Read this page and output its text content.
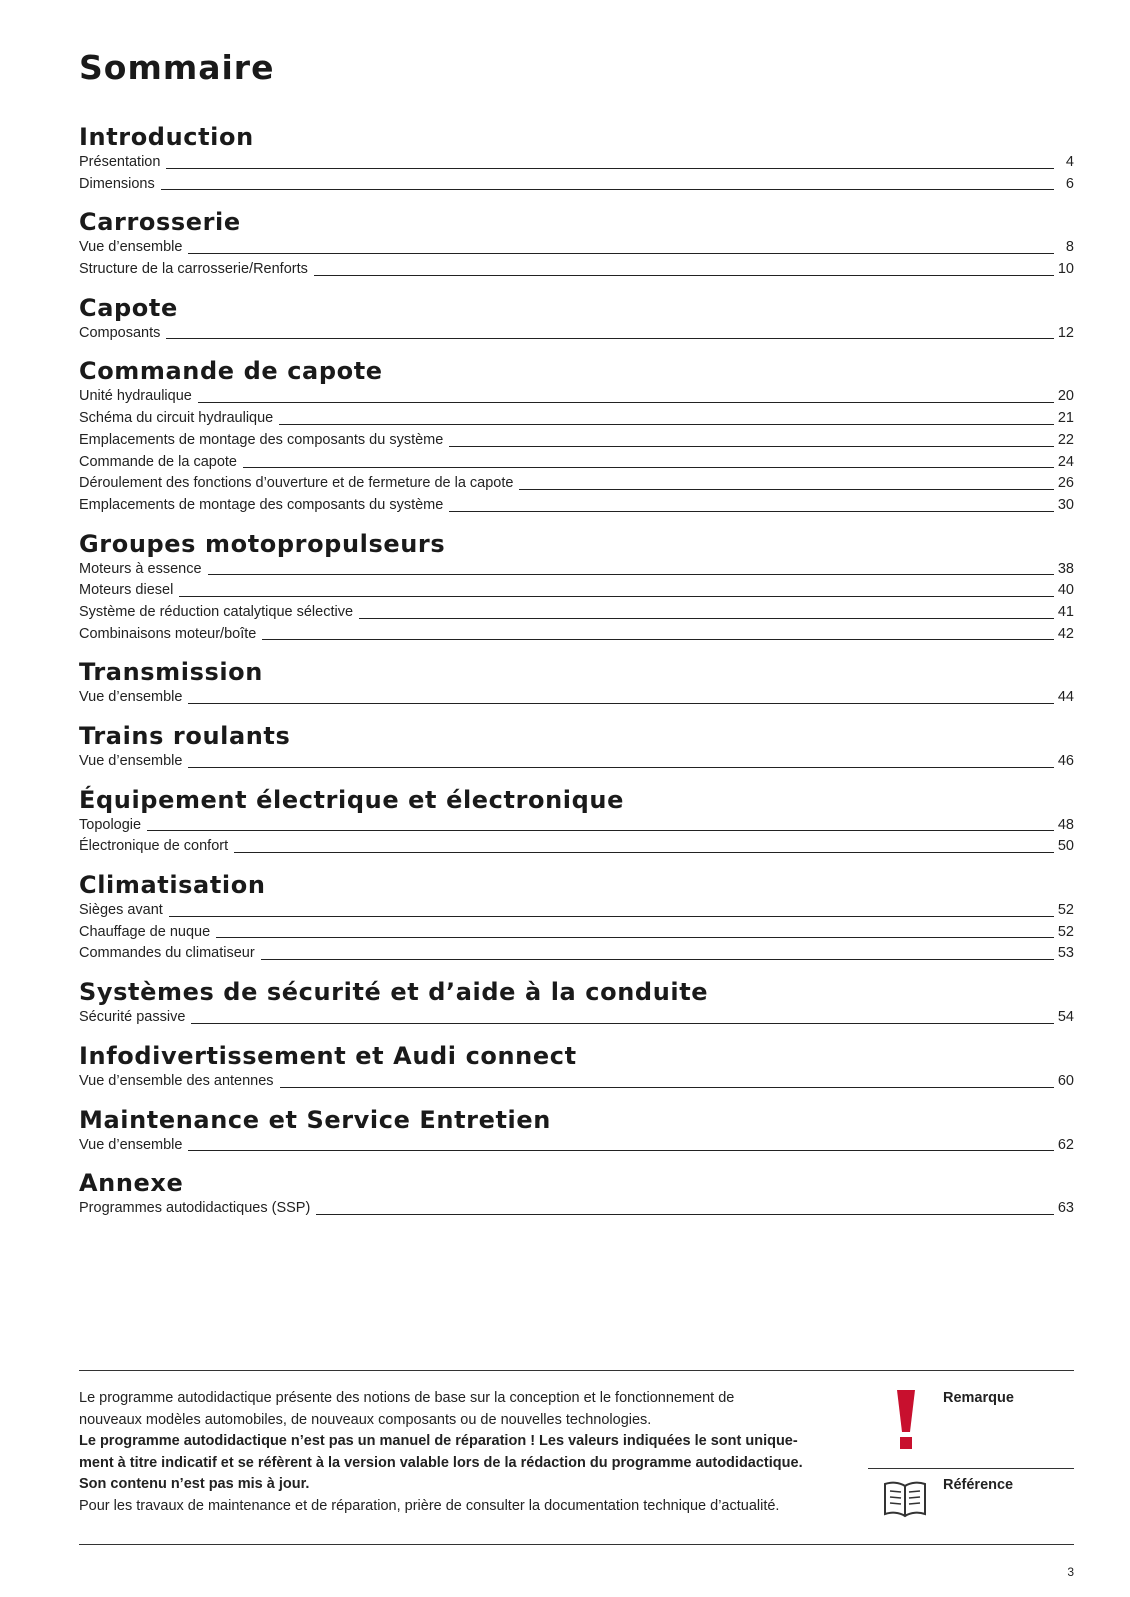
Sommaire
Introduction
Présentation	4
Dimensions	6
Carrosserie
Vue d’ensemble	8
Structure de la carrosserie/Renforts	10
Capote
Composants	12
Commande de capote
Unité hydraulique	20
Schéma du circuit hydraulique	21
Emplacements de montage des composants du système	22
Commande de la capote	24
Déroulement des fonctions d’ouverture et de fermeture de la capote	26
Emplacements de montage des composants du système	30
Groupes motopropulseurs
Moteurs à essence	38
Moteurs diesel	40
Système de réduction catalytique sélective	41
Combinaisons moteur/boîte	42
Transmission
Vue d’ensemble	44
Trains roulants
Vue d’ensemble	46
Équipement électrique et électronique
Topologie	48
Électronique de confort	50
Climatisation
Sièges avant	52
Chauffage de nuque	52
Commandes du climatiseur	53
Systèmes de sécurité et d’aide à la conduite
Sécurité passive	54
Infodivertissement et Audi connect
Vue d’ensemble des antennes	60
Maintenance et Service Entretien
Vue d’ensemble	62
Annexe
Programmes autodidactiques (SSP)	63

Le programme autodidactique présente des notions de base sur la conception et le fonctionnement de

nouveaux modèles automobiles, de nouveaux composants ou de nouvelles technologies.

Le programme autodidactique n’est pas un manuel de réparation ! Les valeurs indiquées le sont unique-

ment à titre indicatif et se réfèrent à la version valable lors de la rédaction du programme autodidactique.

Son contenu n’est pas mis à jour.

Pour les travaux de maintenance et de réparation, prière de consulter la documentation technique d’actualité.

Remarque
Référence
3
